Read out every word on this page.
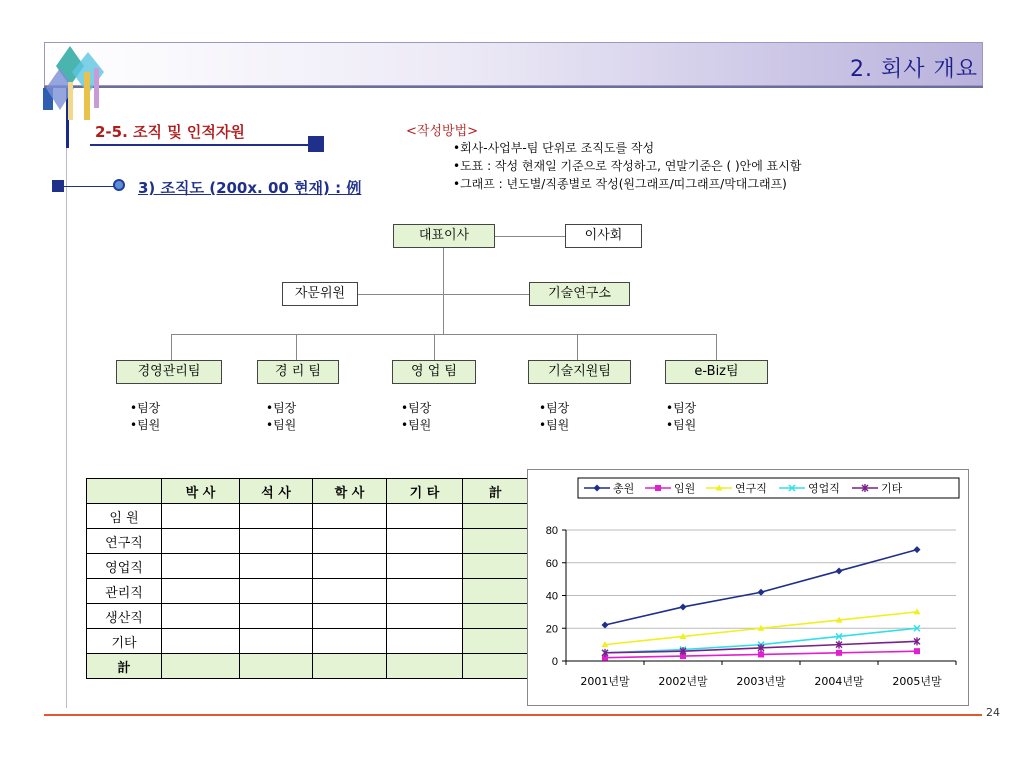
2. 회사 개요
2-5. 조직 및 인적자원	<작성방법>
•회사-사업부-팀 단위로 조직도를 작성
•도표 : 작성 현재일 기준으로 작성하고, 연말기준은 ( )안에 표시함
•그래프 : 년도별/직종별로 작성(원그래프/띠그래프/막대그래프)
3) 조직도 (200x. 00 현재) : 例
대표이사	이사회
자문위원	기술연구소
경영관리팀	경 리 팀	영 업 팀	기술지원팀	e-Biz팀
•팀장
•팀원
•팀장
•팀원
•팀장
•팀원
•팀장
•팀원
•팀장
•팀원
	박 사	석 사	학 사	기 타	計
임 원					
연구직					
영업직					
관리직					
생산직					
기타					
計					
총원	임원	연구직	영업직	기타
0
20
40
60
80
2001년말	2002년말	2003년말	2004년말	2005년말
24
